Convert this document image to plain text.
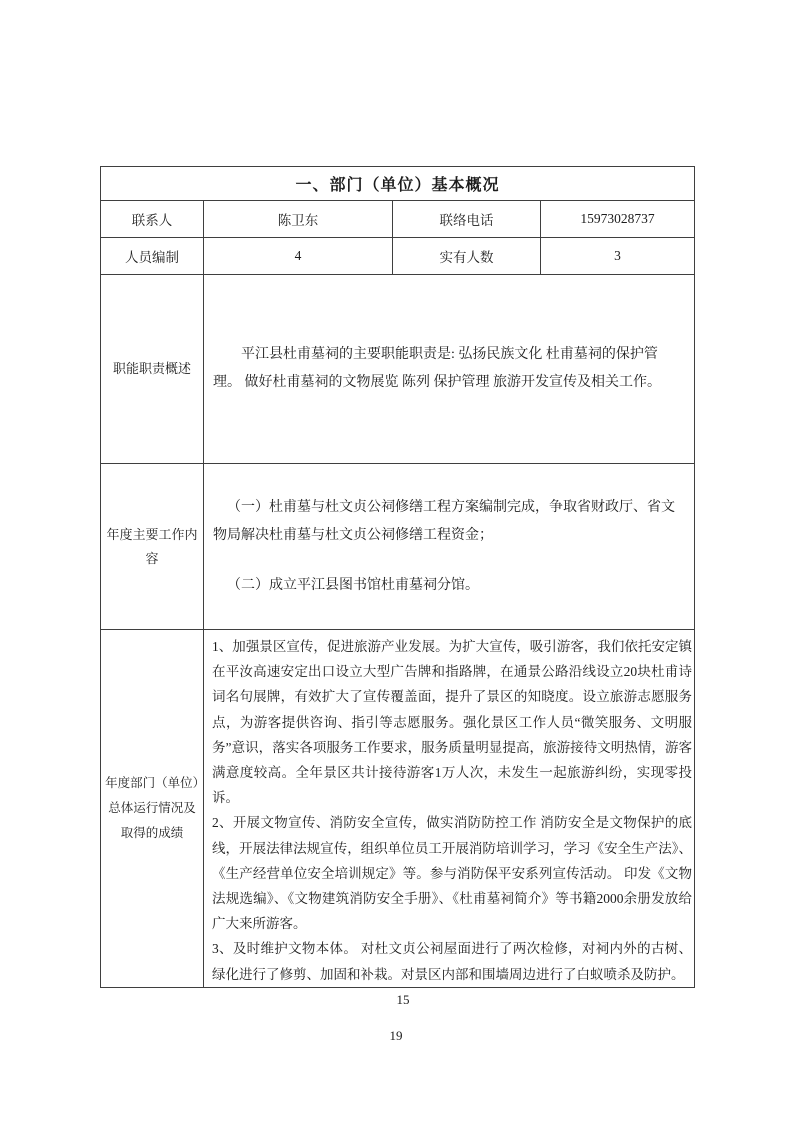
一、部门（单位）基本概况			
联系人	陈卫东	联络电话	15973028737
人员编制	4	实有人数	3
职能职责概述	平江县杜甫墓祠的主要职能职责是: 弘扬民族文化 杜甫墓祠的保护管理。 做好杜甫墓祠的文物展览 陈列 保护管理 旅游开发宣传及相关工作。		

年度主要工作内容	（一）杜甫墓与杜文贞公祠修缮工程方案编制完成，争取省财政厅、省文物局解决杜甫墓与杜文贞公祠修缮工程资金；

（二）成立平江县图书馆杜甫墓祠分馆。		

年度部门（单位）总体运行情况及取得的成绩	1、加强景区宣传，促进旅游产业发展。为扩大宣传，吸引游客，我们依托安定镇在平汝高速安定出口设立大型广告牌和指路牌，在通景公路沿线设立20块杜甫诗词名句展牌，有效扩大了宣传覆盖面，提升了景区的知晓度。设立旅游志愿服务点，为游客提供咨询、指引等志愿服务。强化景区工作人员“微笑服务、文明服务”意识，落实各项服务工作要求，服务质量明显提高，旅游接待文明热情，游客满意度较高。全年景区共计接待游客1万人次，未发生一起旅游纠纷，实现零投诉。

2、开展文物宣传、消防安全宣传，做实消防防控工作 消防安全是文物保护的底线，开展法律法规宣传，组织单位员工开展消防培训学习，学习《安全生产法》、《生产经营单位安全培训规定》等。参与消防保平安系列宣传活动。 印发《文物法规选编》、《文物建筑消防安全手册》、《杜甫墓祠简介》等书籍2000余册发放给广大来所游客。

3、及时维护文物本体。 对杜文贞公祠屋面进行了两次检修，对祠内外的古树、绿化进行了修剪、加固和补栽。对景区内部和围墙周边进行了白蚁喷杀及防护。		

15
19
